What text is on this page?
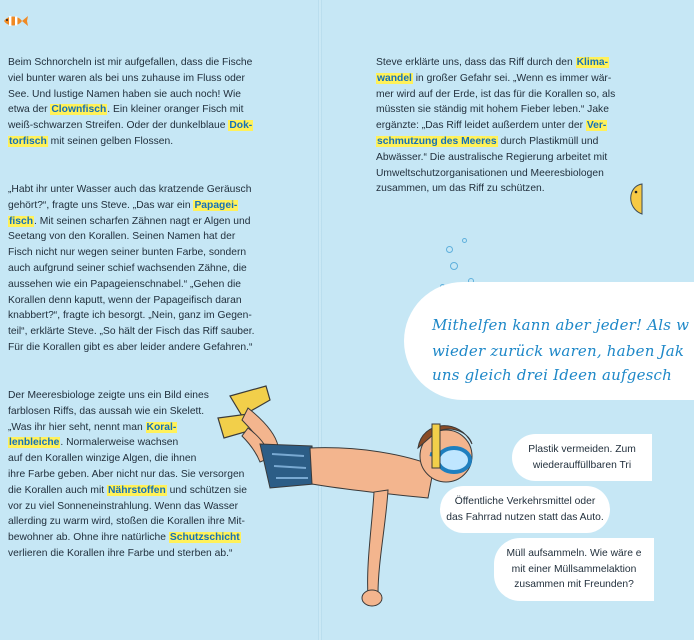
Beim Schnorcheln ist mir aufgefallen, dass die Fische
viel bunter waren als bei uns zuhause im Fluss oder
See. Und lustige Namen haben sie auch noch! Wie
etwa der Clownfisch. Ein kleiner oranger Fisch mit
weiß-schwarzen Streifen. Oder der dunkelblaue Dok-
torfisch mit seinen gelben Flossen.
„Habt ihr unter Wasser auch das kratzende Geräusch
gehört?“, fragte uns Steve. „Das war ein Papagei-
fisch. Mit seinen scharfen Zähnen nagt er Algen und
Seetang von den Korallen. Seinen Namen hat der
Fisch nicht nur wegen seiner bunten Farbe, sondern
auch aufgrund seiner schief wachsenden Zähne, die
aussehen wie ein Papageienschnabel.“ „Gehen die
Korallen denn kaputt, wenn der Papageifisch daran
knabbert?“, fragte ich besorgt. „Nein, ganz im Gegen-
teil“, erklärte Steve. „So hält der Fisch das Riff sauber.
Für die Korallen gibt es aber leider andere Gefahren.“
Der Meeresbiologe zeigte uns ein Bild eines
farblosen Riffs, das aussah wie ein Skelett.
„Was ihr hier seht, nennt man Koral-
lenbleiche. Normalerweise wachsen
auf den Korallen winzige Algen, die ihnen
ihre Farbe geben. Aber nicht nur das. Sie versorgen
die Korallen auch mit Nährstoffen und schützen sie
vor zu viel Sonneneinstrahlung. Wenn das Wasser
allerding zu warm wird, stoßen die Korallen ihre Mit-
bewohner ab. Ohne ihre natürliche Schutzschicht
verlieren die Korallen ihre Farbe und sterben ab.“
Steve erklärte uns, dass das Riff durch den Klima-
wandel in großer Gefahr sei. „Wenn es immer wär-
mer wird auf der Erde, ist das für die Korallen so, als
müssten sie ständig mit hohem Fieber leben.“ Jake
ergänzte: „Das Riff leidet außerdem unter der Ver-
schmutzung des Meeres durch Plastikmüll und
Abwässer.“ Die australische Regierung arbeitet mit
Umweltschutzorganisationen und Meeresbiologen
zusammen, um das Riff zu schützen.
Mithelfen kann aber jeder! Als w
wieder zurück waren, haben Jak
uns gleich drei Ideen aufgesch
Plastik vermeiden. Zum
wiederauffüllbaren Tri
Öffentliche Verkehrsmittel oder
das Fahrrad nutzen statt das Auto.
Müll aufsammeln. Wie wäre e
mit einer Müllsammelaktion
zusammen mit Freunden?
